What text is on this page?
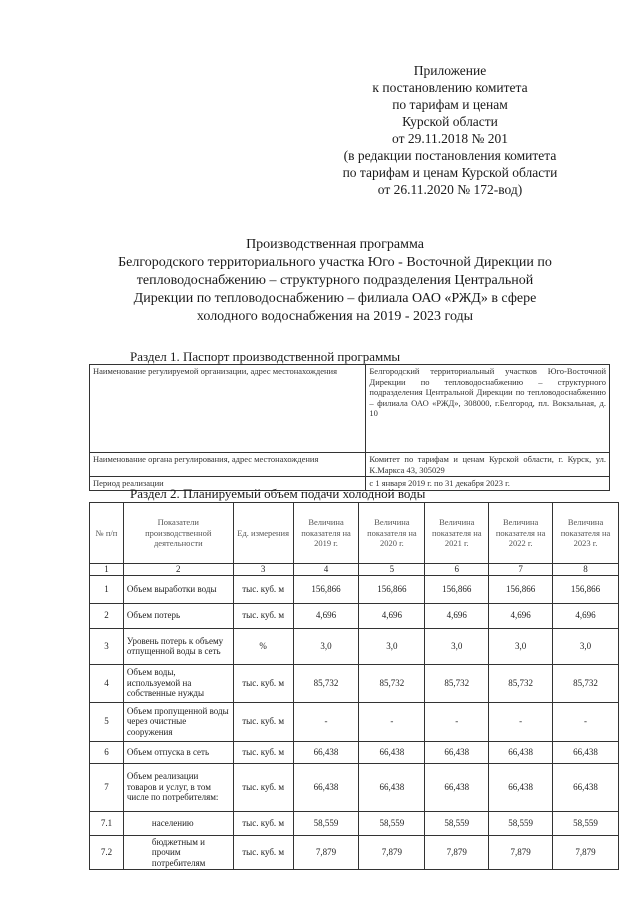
Приложение
к постановлению комитета
по тарифам и ценам
Курской области
от 29.11.2018 № 201
(в редакции постановления комитета
по тарифам и ценам Курской области
от 26.11.2020 № 172-вод)
Производственная программа
Белгородского территориального участка Юго - Восточной Дирекции по
тепловодоснабжению – структурного подразделения Центральной
Дирекции по тепловодоснабжению – филиала ОАО «РЖД» в сфере
холодного водоснабжения на 2019 - 2023 годы
Раздел 1. Паспорт производственной программы
Наименование регулируемой организации, адрес местонахождения	Белгородский территориальный участков Юго-Восточной Дирекции по тепловодоснабжению – структурного подразделения Центральной Дирекции по тепловодоснабжению – филиала ОАО «РЖД», 308000, г.Белгород, пл. Вокзальная, д. 10
Наименование органа регулирования, адрес местонахождения	Комитет по тарифам и ценам Курской области, г. Курск, ул. К.Маркса 43, 305029
Период реализации	с 1 января 2019 г. по 31 декабря 2023 г.
Раздел 2. Планируемый объем подачи холодной воды
№ п/п	Показатели производственной деятельности	Ед. измерения	Величина показателя на 2019 г.	Величина показателя на 2020 г.	Величина показателя на 2021 г.	Величина показателя на 2022 г.	Величина показателя на 2023 г.
1	2	3	4	5	6	7	8
1	Объем выработки воды	тыс. куб. м	156,866	156,866	156,866	156,866	156,866
2	Объем потерь	тыс. куб. м	4,696	4,696	4,696	4,696	4,696
3	Уровень потерь к объему отпущенной воды в сеть	%	3,0	3,0	3,0	3,0	3,0
4	Объем воды, используемой на собственные нужды	тыс. куб. м	85,732	85,732	85,732	85,732	85,732
5	Объем пропущенной воды через очистные сооружения	тыс. куб. м	-	-	-	-	-
6	Объем отпуска в сеть	тыс. куб. м	66,438	66,438	66,438	66,438	66,438
7	Объем реализации товаров и услуг, в том числе по потребителям:	тыс. куб. м	66,438	66,438	66,438	66,438	66,438
7.1	населению	тыс. куб. м	58,559	58,559	58,559	58,559	58,559
7.2	бюджетным и прочим потребителям	тыс. куб. м	7,879	7,879	7,879	7,879	7,879
